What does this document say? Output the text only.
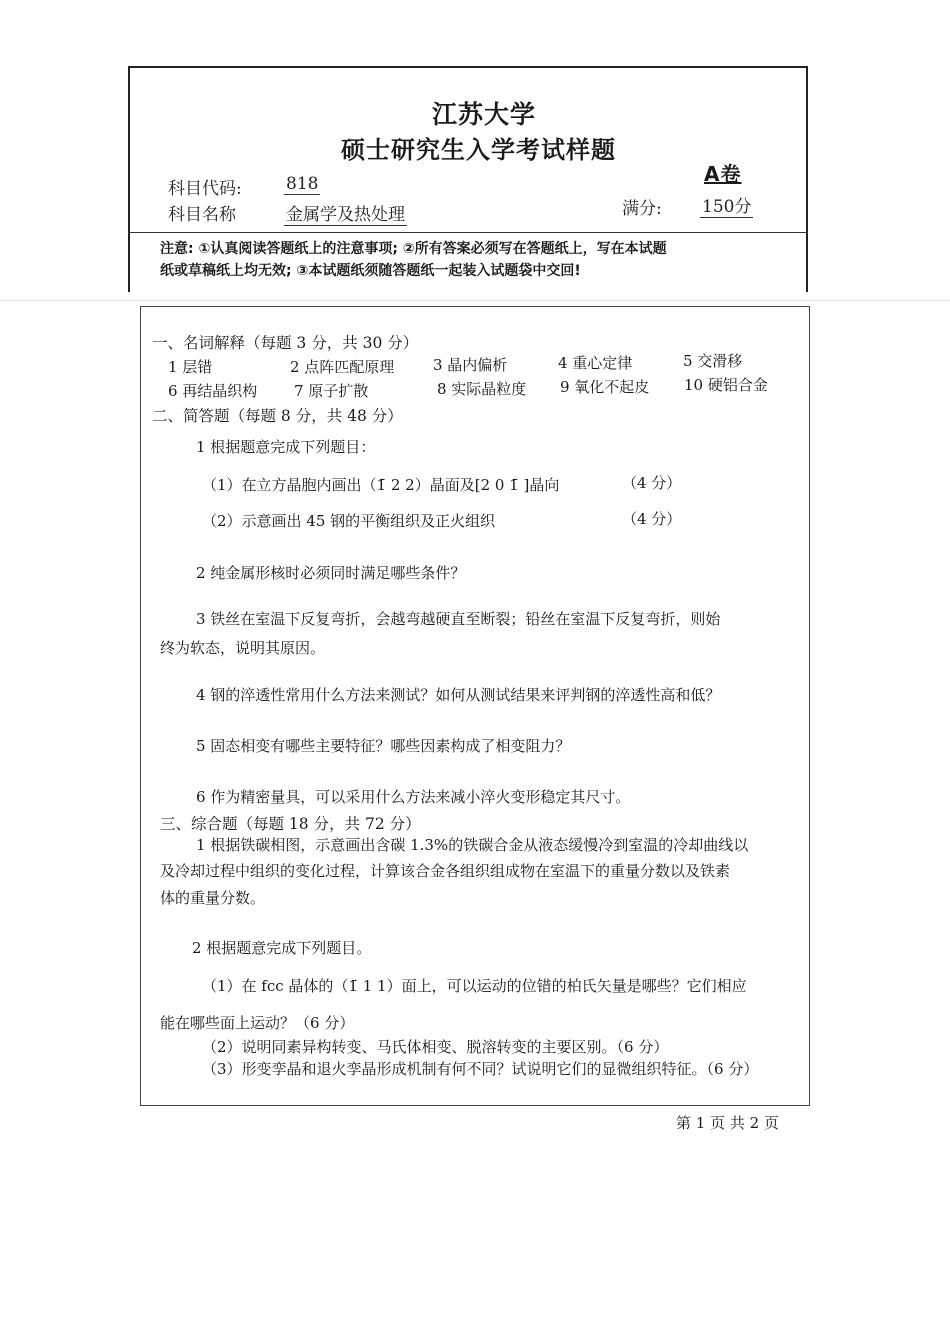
江苏大学
硕士研究生入学考试样题
A卷
科目代码:	818
科目名称	金属学及热处理	满分: 150分
注意: ①认真阅读答题纸上的注意事项; ②所有答案必须写在答题纸上，写在本试题
纸或草稿纸上均无效; ③本试题纸须随答题纸一起装入试题袋中交回!
一、名词解释（每题 3 分，共 30 分）
1 层错	2 点阵匹配原理	3 晶内偏析	4 重心定律	5 交滑移
6 再结晶织构 7 原子扩散	8 实际晶粒度 9 氧化不起皮 10 硬铝合金
二、简答题（每题 8 分，共 48 分）
1 根据题意完成下列题目：
（1）在立方晶胞内画出（1̄ 2 2）晶面及[2 0 1̄ ]晶向	（4 分）
（2）示意画出 45 钢的平衡组织及正火组织	（4 分）
2 纯金属形核时必须同时满足哪些条件？
3 铁丝在室温下反复弯折，会越弯越硬直至断裂；铅丝在室温下反复弯折，则始
终为软态，说明其原因。
4 钢的淬透性常用什么方法来测试？如何从测试结果来评判钢的淬透性高和低？
5 固态相变有哪些主要特征？哪些因素构成了相变阻力？
6 作为精密量具，可以采用什么方法来减小淬火变形稳定其尺寸。
三、综合题（每题 18 分，共 72 分）
1 根据铁碳相图，示意画出含碳 1.3%的铁碳合金从液态缓慢冷到室温的冷却曲线以
及冷却过程中组织的变化过程，计算该合金各组织组成物在室温下的重量分数以及铁素
体的重量分数。
2 根据题意完成下列题目。
（1）在 fcc 晶体的（1̄ 1 1）面上，可以运动的位错的柏氏矢量是哪些？它们相应
能在哪些面上运动？（6 分）
（2）说明同素异构转变、马氏体相变、脱溶转变的主要区别。（6 分）
（3）形变孪晶和退火孪晶形成机制有何不同？试说明它们的显微组织特征。（6 分）
第 1 页 共 2 页
